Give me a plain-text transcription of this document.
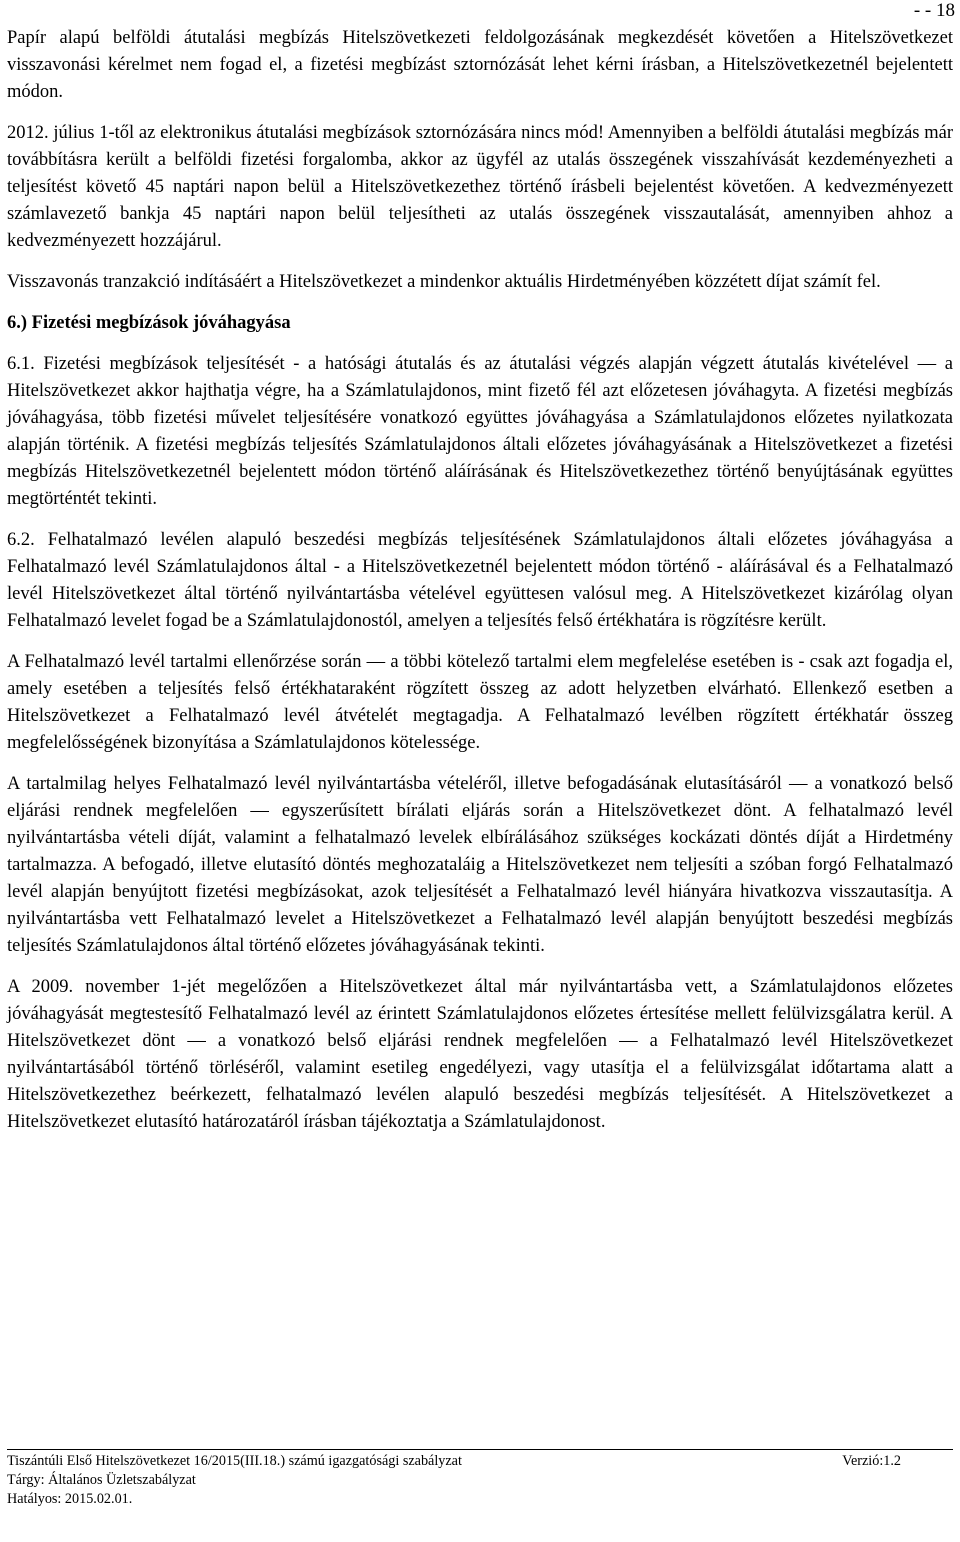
- - 18

Papír alapú belföldi átutalási megbízás Hitelszövetkezeti feldolgozásának megkezdését követően a Hitelszövetkezet visszavonási kérelmet nem fogad el, a fizetési megbízást sztornózását lehet kérni írásban, a Hitelszövetkezetnél bejelentett módon.

2012. július 1-től az elektronikus átutalási megbízások sztornózására nincs mód! Amennyiben a belföldi átutalási megbízás már továbbításra került a belföldi fizetési forgalomba, akkor az ügyfél az utalás összegének visszahívását kezdeményezheti a teljesítést követő 45 naptári napon belül a Hitelszövetkezethez történő írásbeli bejelentést követően. A kedvezményezett számlavezető bankja 45 naptári napon belül teljesítheti az utalás összegének visszautalását, amennyiben ahhoz a kedvezményezett hozzájárul.

Visszavonás tranzakció indításáért a Hitelszövetkezet a mindenkor aktuális Hirdetményében közzétett díjat számít fel.

6.) Fizetési megbízások jóváhagyása

6.1. Fizetési megbízások teljesítését - a hatósági átutalás és az átutalási végzés alapján végzett átutalás kivételével — a Hitelszövetkezet akkor hajthatja végre, ha a Számlatulajdonos, mint fizető fél azt előzetesen jóváhagyta. A fizetési megbízás jóváhagyása, több fizetési művelet teljesítésére vonatkozó együttes jóváhagyása a Számlatulajdonos előzetes nyilatkozata alapján történik. A fizetési megbízás teljesítés Számlatulajdonos általi előzetes jóváhagyásának a Hitelszövetkezet a fizetési megbízás Hitelszövetkezetnél bejelentett módon történő aláírásának és Hitelszövetkezethez történő benyújtásának együttes megtörténtét tekinti.

6.2. Felhatalmazó levélen alapuló beszedési megbízás teljesítésének Számlatulajdonos általi előzetes jóváhagyása a Felhatalmazó levél Számlatulajdonos által - a Hitelszövetkezetnél bejelentett módon történő - aláírásával és a Felhatalmazó levél Hitelszövetkezet által történő nyilvántartásba vételével együttesen valósul meg. A Hitelszövetkezet kizárólag olyan Felhatalmazó levelet fogad be a Számlatulajdonostól, amelyen a teljesítés felső értékhatára is rögzítésre került.

A Felhatalmazó levél tartalmi ellenőrzése során — a többi kötelező tartalmi elem megfelelése esetében is - csak azt fogadja el, amely esetében a teljesítés felső értékhataraként rögzített összeg az adott helyzetben elvárható. Ellenkező esetben a Hitelszövetkezet a Felhatalmazó levél átvételét megtagadja. A Felhatalmazó levélben rögzített értékhatár összeg megfelelősségének bizonyítása a Számlatulajdonos kötelessége.

A tartalmilag helyes Felhatalmazó levél nyilvántartásba vételéről, illetve befogadásának elutasításáról — a vonatkozó belső eljárási rendnek megfelelően — egyszerűsített bírálati eljárás során a Hitelszövetkezet dönt. A felhatalmazó levél nyilvántartásba vételi díját, valamint a felhatalmazó levelek elbírálásához szükséges kockázati döntés díját a Hirdetmény tartalmazza. A befogadó, illetve elutasító döntés meghozataláig a Hitelszövetkezet nem teljesíti a szóban forgó Felhatalmazó levél alapján benyújtott fizetési megbízásokat, azok teljesítését a Felhatalmazó levél hiányára hivatkozva visszautasítja. A nyilvántartásba vett Felhatalmazó levelet a Hitelszövetkezet a Felhatalmazó levél alapján benyújtott beszedési megbízás teljesítés Számlatulajdonos által történő előzetes jóváhagyásának tekinti.

A 2009. november 1-jét megelőzően a Hitelszövetkezet által már nyilvántartásba vett, a Számlatulajdonos előzetes jóváhagyását megtestesítő Felhatalmazó levél az érintett Számlatulajdonos előzetes értesítése mellett felülvizsgálatra kerül. A Hitelszövetkezet dönt — a vonatkozó belső eljárási rendnek megfelelően — a Felhatalmazó levél Hitelszövetkezet nyilvántartásából történő törléséről, valamint esetileg engedélyezi, vagy utasítja el a felülvizsgálat időtartama alatt a Hitelszövetkezethez beérkezett, felhatalmazó levélen alapuló beszedési megbízás teljesítését. A Hitelszövetkezet a Hitelszövetkezet elutasító határozatáról írásban tájékoztatja a Számlatulajdonost.

Tiszántúli Első Hitelszövetkezet 16/2015(III.18.) számú igazgatósági szabályzat	Verzió:1.2
Tárgy: Általános Üzletszabályzat
Hatályos: 2015.02.01.
